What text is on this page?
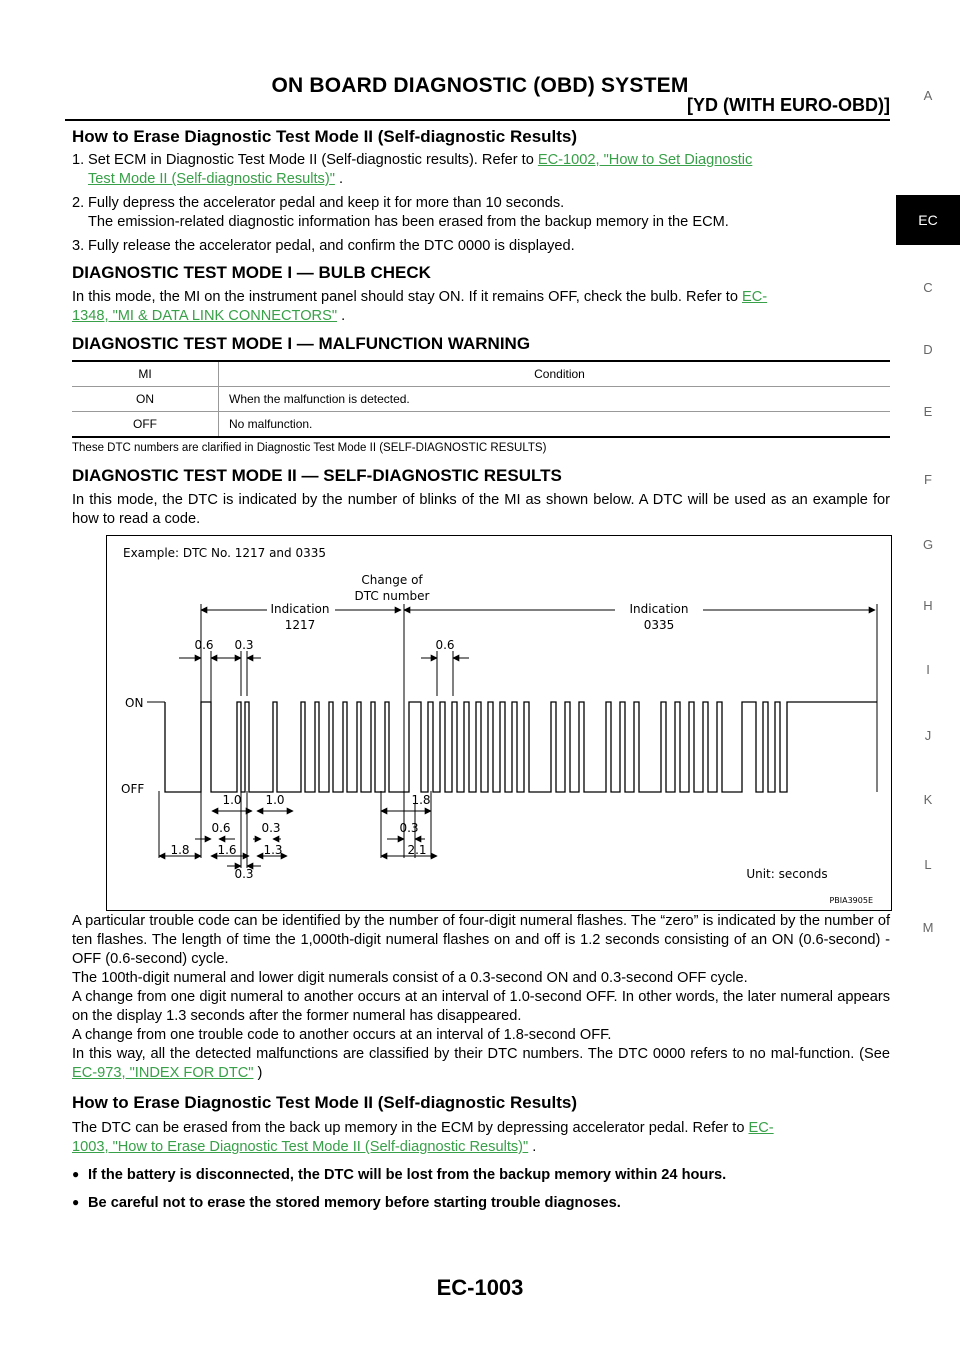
ON BOARD DIAGNOSTIC (OBD) SYSTEM
[YD (WITH EURO-OBD)]	A
EC
C
D
E
F
G
H
I
J
K
L
M
How to Erase Diagnostic Test Mode II (Self-diagnostic Results)

1. Set ECM in Diagnostic Test Mode II (Self-diagnostic results). Refer to EC-1002, "How to Set Diagnostic
Test Mode II (Self-diagnostic Results)" .

2. Fully depress the accelerator pedal and keep it for more than 10 seconds.
The emission-related diagnostic information has been erased from the backup memory in the ECM.

3. Fully release the accelerator pedal, and confirm the DTC 0000 is displayed.

DIAGNOSTIC TEST MODE I — BULB CHECK

In this mode, the MI on the instrument panel should stay ON. If it remains OFF, check the bulb. Refer to EC-
1348, "MI & DATA LINK CONNECTORS" .

DIAGNOSTIC TEST MODE I — MALFUNCTION WARNING
MI	Condition
ON	When the malfunction is detected.
OFF	No malfunction.
These DTC numbers are clarified in Diagnostic Test Mode II (SELF-DIAGNOSTIC RESULTS)
DIAGNOSTIC TEST MODE II — SELF-DIAGNOSTIC RESULTS

In this mode, the DTC is indicated by the number of blinks of the MI as shown below. A DTC will be used as an example for how to read a code.

Example: DTC No. 1217 and 0335
Change of
DTC number
Indication
1217
Indication
0335
0.6 0.3	0.6
ON
OFF
1.0 1.0	1.8
0.6	0.3	0.3
1.8 1.6 1.3	2.1
0.3	Unit: seconds
PBIA3905E

A particular trouble code can be identified by the number of four-digit numeral flashes. The “zero” is indicated by the number of ten flashes. The length of time the 1,000th-digit numeral flashes on and off is 1.2 seconds consisting of an ON (0.6-second) - OFF (0.6-second) cycle.

The 100th-digit numeral and lower digit numerals consist of a 0.3-second ON and 0.3-second OFF cycle.

A change from one digit numeral to another occurs at an interval of 1.0-second OFF. In other words, the later numeral appears on the display 1.3 seconds after the former numeral has disappeared.

A change from one trouble code to another occurs at an interval of 1.8-second OFF.

In this way, all the detected malfunctions are classified by their DTC numbers. The DTC 0000 refers to no mal-function. (See EC-973, "INDEX FOR DTC" )

How to Erase Diagnostic Test Mode II (Self-diagnostic Results)

The DTC can be erased from the back up memory in the ECM by depressing accelerator pedal. Refer to EC-
1003, "How to Erase Diagnostic Test Mode II (Self-diagnostic Results)" .

● If the battery is disconnected, the DTC will be lost from the backup memory within 24 hours.

● Be careful not to erase the stored memory before starting trouble diagnoses.

EC-1003
